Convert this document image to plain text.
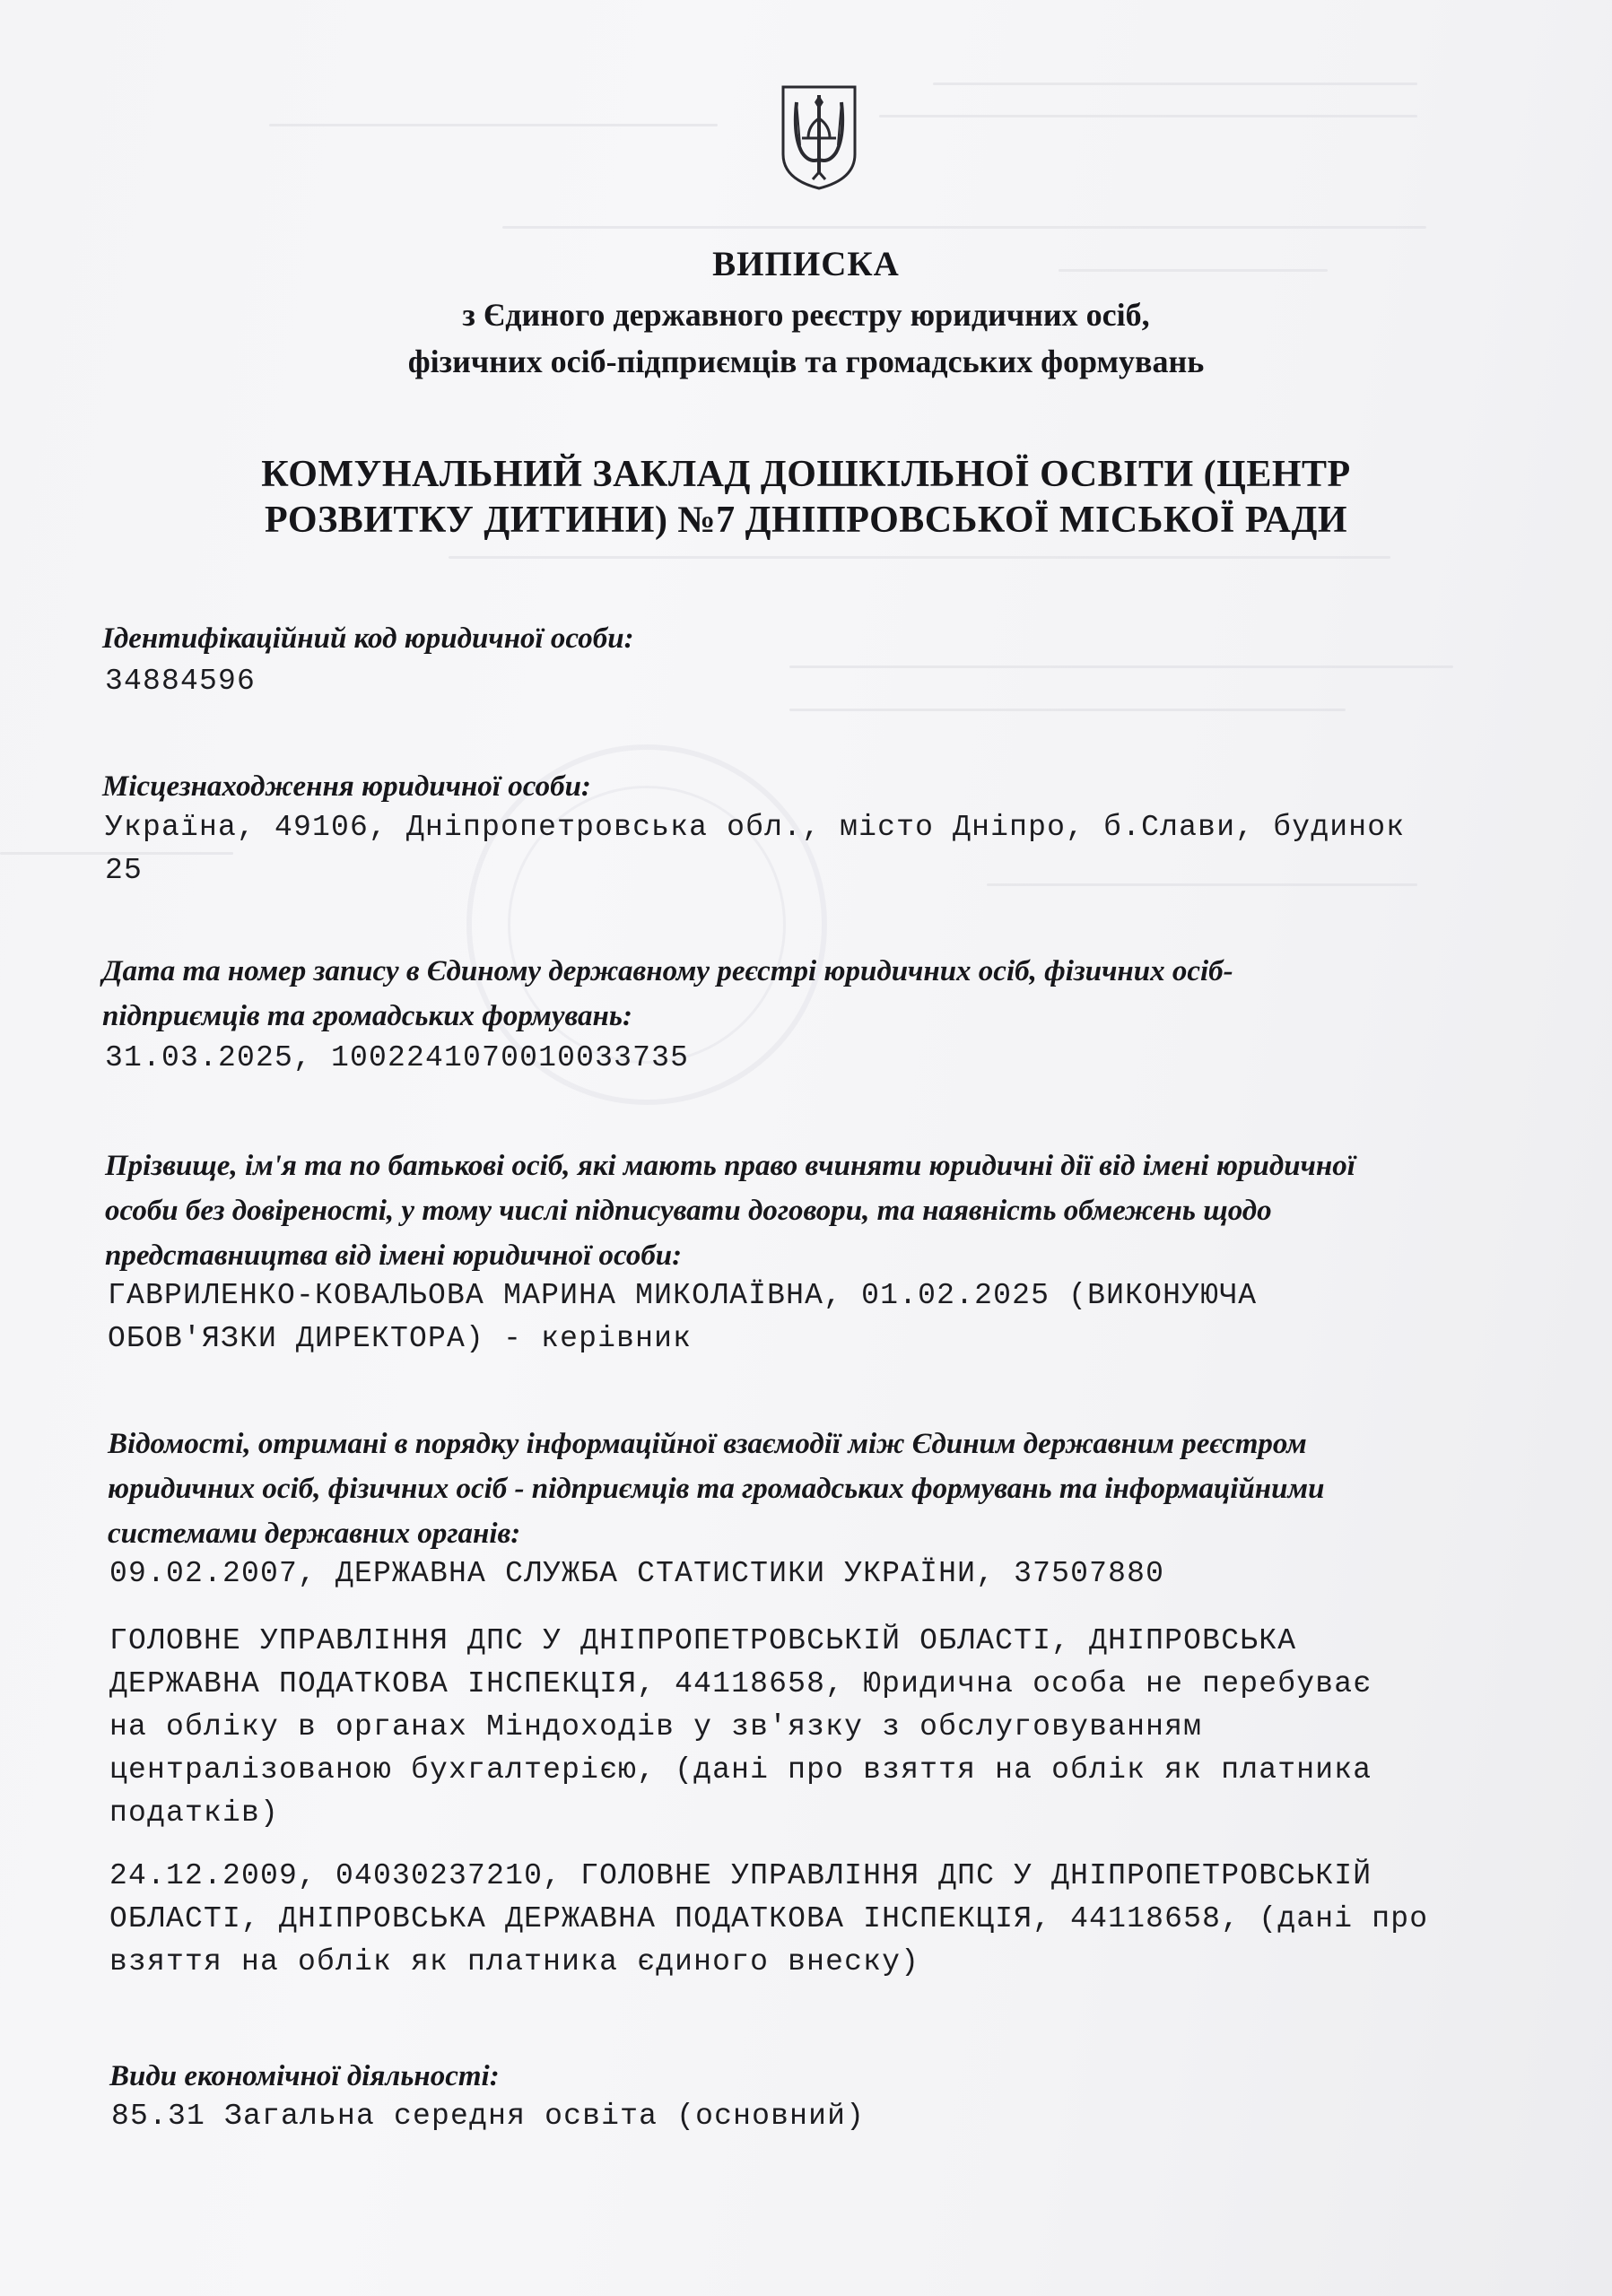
ВИПИСКА
з Єдиного державного реєстру юридичних осіб,
фізичних осіб-підприємців та громадських формувань
КОМУНАЛЬНИЙ ЗАКЛАД ДОШКІЛЬНОЇ ОСВІТИ (ЦЕНТР
РОЗВИТКУ ДИТИНИ) №7 ДНІПРОВСЬКОЇ МІСЬКОЇ РАДИ
Ідентифікаційний код юридичної особи:
34884596
Місцезнаходження юридичної особи:
Україна, 49106, Дніпропетровська обл., місто Дніпро, б.Слави, будинок
25
Дата та номер запису в Єдиному державному реєстрі юридичних осіб, фізичних осіб-
підприємців та громадських формувань:
31.03.2025, 1002241070010033735
Прізвище, ім'я та по батькові осіб, які мають право вчиняти юридичні дії від імені юридичної
особи без довіреності, у тому числі підписувати договори, та наявність обмежень щодо
представництва від імені юридичної особи:
ГАВРИЛЕНКО-КОВАЛЬОВА МАРИНА МИКОЛАЇВНА, 01.02.2025 (ВИКОНУЮЧА
ОБОВ'ЯЗКИ ДИРЕКТОРА) - керівник
Відомості, отримані в порядку інформаційної взаємодії між Єдиним державним реєстром
юридичних осіб, фізичних осіб - підприємців та громадських формувань та інформаційними
системами державних органів:
09.02.2007, ДЕРЖАВНА СЛУЖБА СТАТИСТИКИ УКРАЇНИ, 37507880
ГОЛОВНЕ УПРАВЛІННЯ ДПС У ДНІПРОПЕТРОВСЬКІЙ ОБЛАСТІ, ДНІПРОВСЬКА
ДЕРЖАВНА ПОДАТКОВА ІНСПЕКЦІЯ, 44118658, Юридична особа не перебуває
на обліку в органах Міндоходів у зв'язку з обслуговуванням
централізованою бухгалтерією, (дані про взяття на облік як платника
податків)
24.12.2009, 04030237210, ГОЛОВНЕ УПРАВЛІННЯ ДПС У ДНІПРОПЕТРОВСЬКІЙ
ОБЛАСТІ, ДНІПРОВСЬКА ДЕРЖАВНА ПОДАТКОВА ІНСПЕКЦІЯ, 44118658, (дані про
взяття на облік як платника єдиного внеску)
Види економічної діяльності:
85.31 Загальна середня освіта (основний)
